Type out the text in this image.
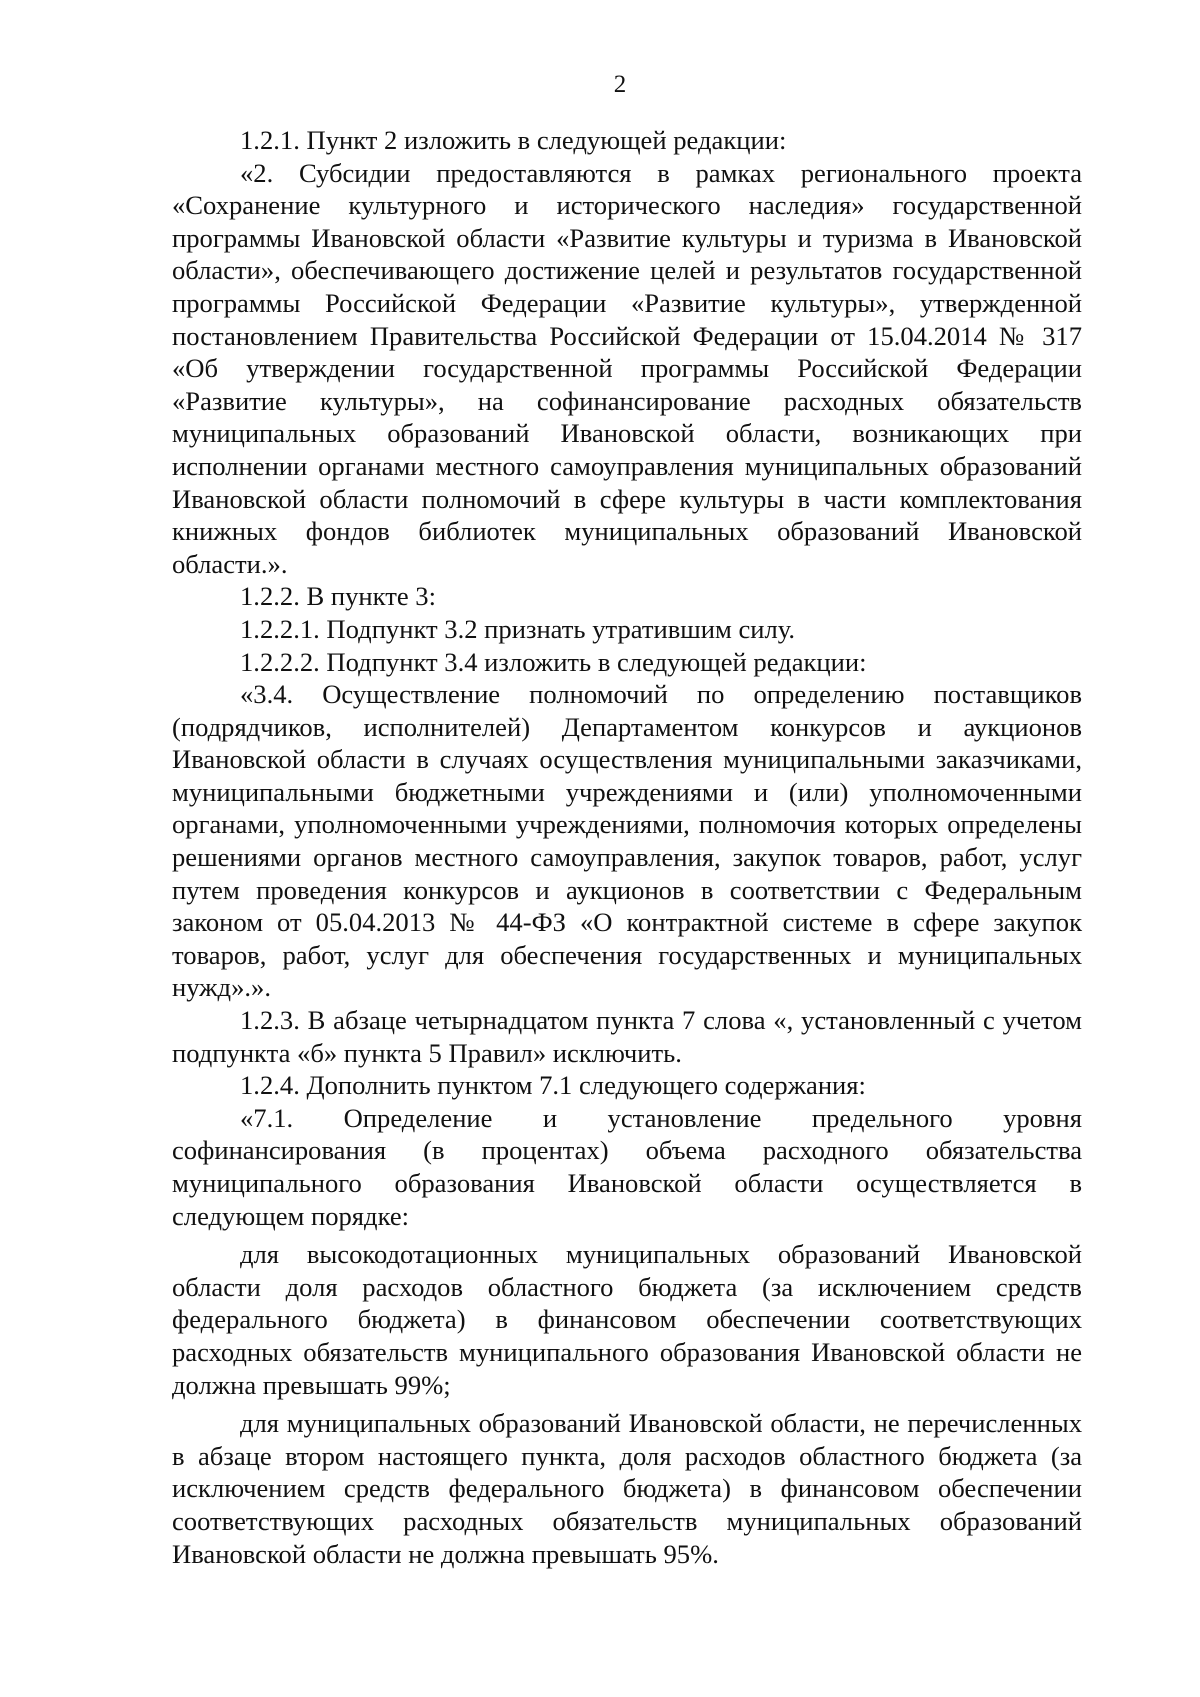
2

1.2.1. Пункт 2 изложить в следующей редакции:

«2. Субсидии предоставляются в рамках регионального проекта «Сохранение культурного и исторического наследия» государственной программы Ивановской области «Развитие культуры и туризма в Ивановской области», обеспечивающего достижение целей и результатов государственной программы Российской Федерации «Развитие культуры», утвержденной постановлением Правительства Российской Федерации от 15.04.2014 № 317 «Об утверждении государственной программы Российской Федерации «Развитие культуры», на софинансирование расходных обязательств муниципальных образований Ивановской области, возникающих при исполнении органами местного самоуправления муниципальных образований Ивановской области полномочий в сфере культуры в части комплектования книжных фондов библиотек муниципальных образований Ивановской области.».

1.2.2. В пункте 3:

1.2.2.1. Подпункт 3.2 признать утратившим силу.

1.2.2.2. Подпункт 3.4 изложить в следующей редакции:

«3.4. Осуществление полномочий по определению поставщиков (подрядчиков, исполнителей) Департаментом конкурсов и аукционов Ивановской области в случаях осуществления муниципальными заказчиками, муниципальными бюджетными учреждениями и (или) уполномоченными органами, уполномоченными учреждениями, полномочия которых определены решениями органов местного самоуправления, закупок товаров, работ, услуг путем проведения конкурсов и аукционов в соответствии с Федеральным законом от 05.04.2013 № 44-ФЗ «О контрактной системе в сфере закупок товаров, работ, услуг для обеспечения государственных и муниципальных нужд».».

1.2.3. В абзаце четырнадцатом пункта 7 слова «, установленный с учетом подпункта «б» пункта 5 Правил» исключить.

1.2.4. Дополнить пунктом 7.1 следующего содержания:

«7.1. Определение и установление предельного уровня софинансирования (в процентах) объема расходного обязательства муниципального образования Ивановской области осуществляется в следующем порядке:

для высокодотационных муниципальных образований Ивановской области доля расходов областного бюджета (за исключением средств федерального бюджета) в финансовом обеспечении соответствующих расходных обязательств муниципального образования Ивановской области не должна превышать 99%;

для муниципальных образований Ивановской области, не перечисленных в абзаце втором настоящего пункта, доля расходов областного бюджета (за исключением средств федерального бюджета) в финансовом обеспечении соответствующих расходных обязательств муниципальных образований Ивановской области не должна превышать 95%.
